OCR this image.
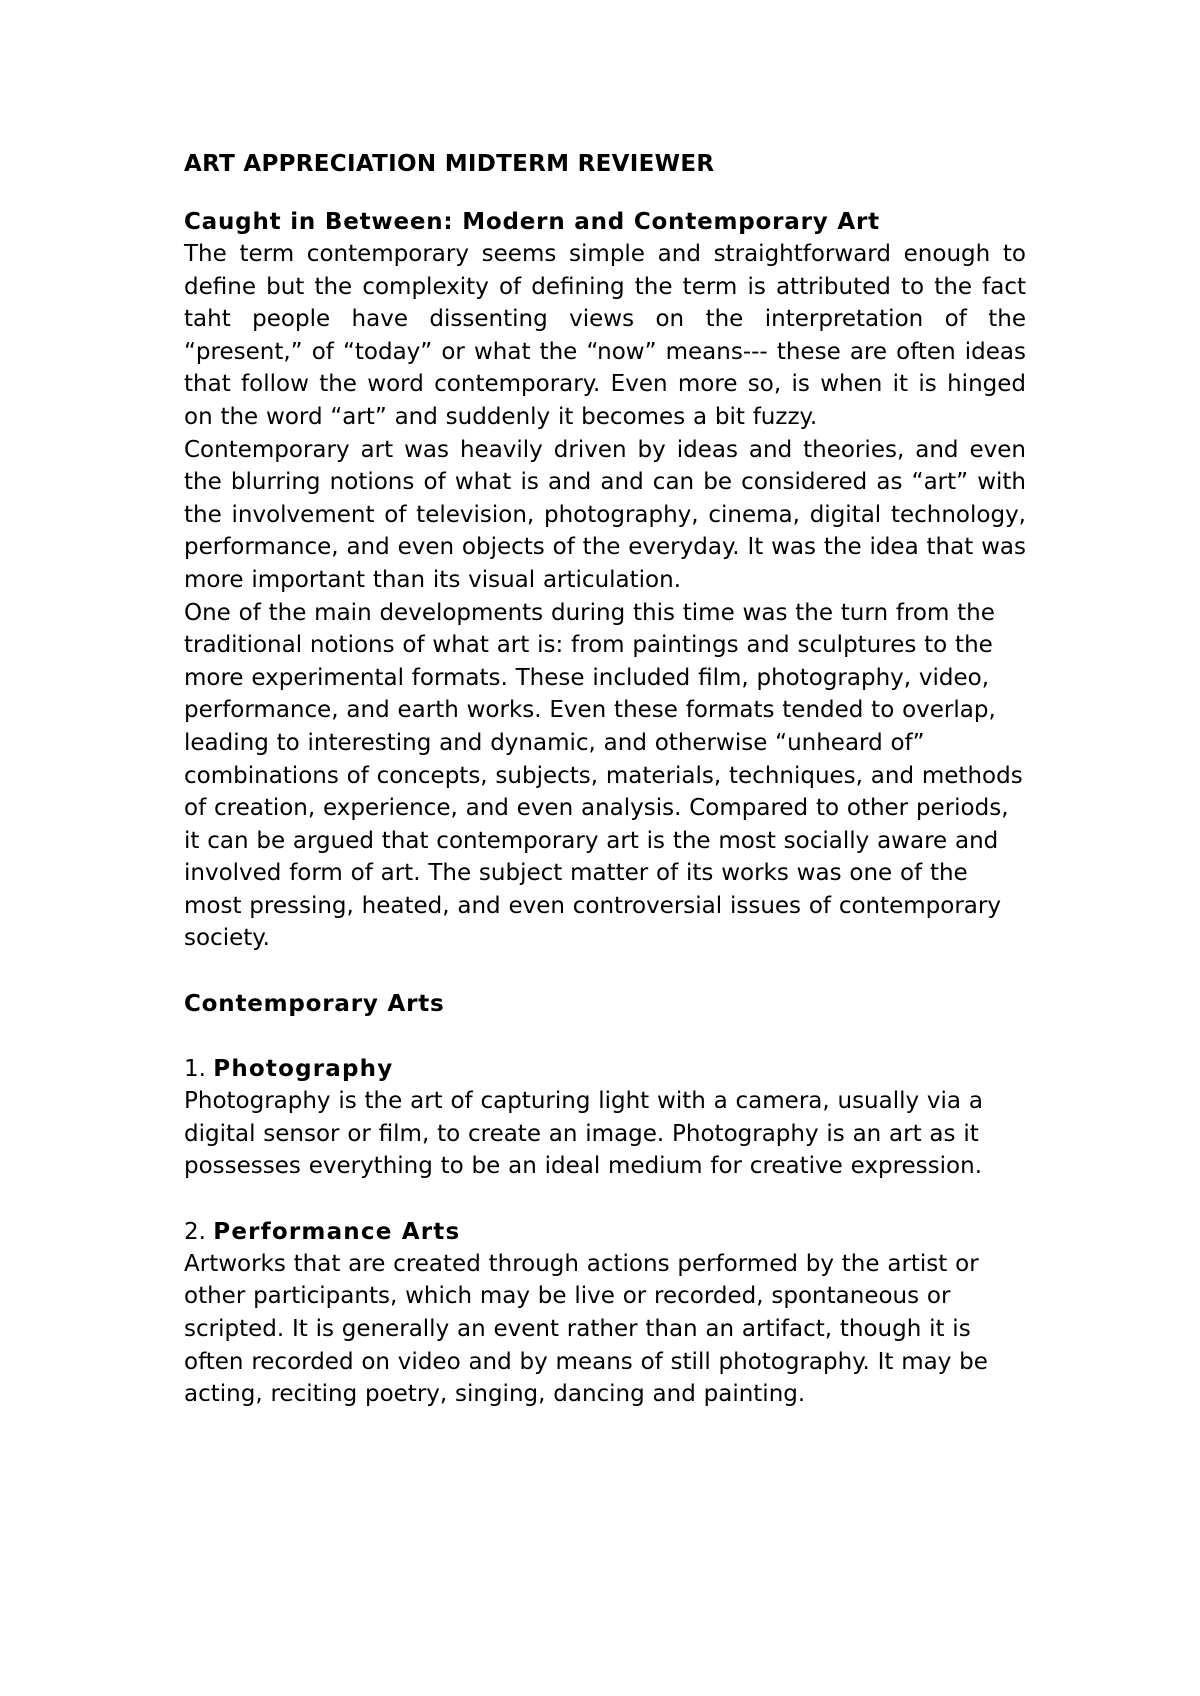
ART APPRECIATION MIDTERM REVIEWER

Caught in Between: Modern and Contemporary Art

The term contemporary seems simple and straightforward enough to define but the complexity of defining the term is attributed to the fact taht people have dissenting views on the interpretation of the “present,” of “today” or what the “now” means--- these are often ideas that follow the word contemporary. Even more so, is when it is hinged on the word “art” and suddenly it becomes a bit fuzzy.

Contemporary art was heavily driven by ideas and theories, and even the blurring notions of what is and and can be considered as “art” with the involvement of television, photography, cinema, digital technology, performance, and even objects of the everyday. It was the idea that was more important than its visual articulation.

One of the main developments during this time was the turn from the traditional notions of what art is: from paintings and sculptures to the more experimental formats. These included film, photography, video, performance, and earth works. Even these formats tended to overlap, leading to interesting and dynamic, and otherwise “unheard of” combinations of concepts, subjects, materials, techniques, and methods of creation, experience, and even analysis. Compared to other periods, it can be argued that contemporary art is the most socially aware and involved form of art. The subject matter of its works was one of the most pressing, heated, and even controversial issues of contemporary society.

Contemporary Arts

1. Photography

Photography is the art of capturing light with a camera, usually via a digital sensor or film, to create an image. Photography is an art as it possesses everything to be an ideal medium for creative expression.

2. Performance Arts

Artworks that are created through actions performed by the artist or other participants, which may be live or recorded, spontaneous or scripted. It is generally an event rather than an artifact, though it is often recorded on video and by means of still photography. It may be acting, reciting poetry, singing, dancing and painting.
